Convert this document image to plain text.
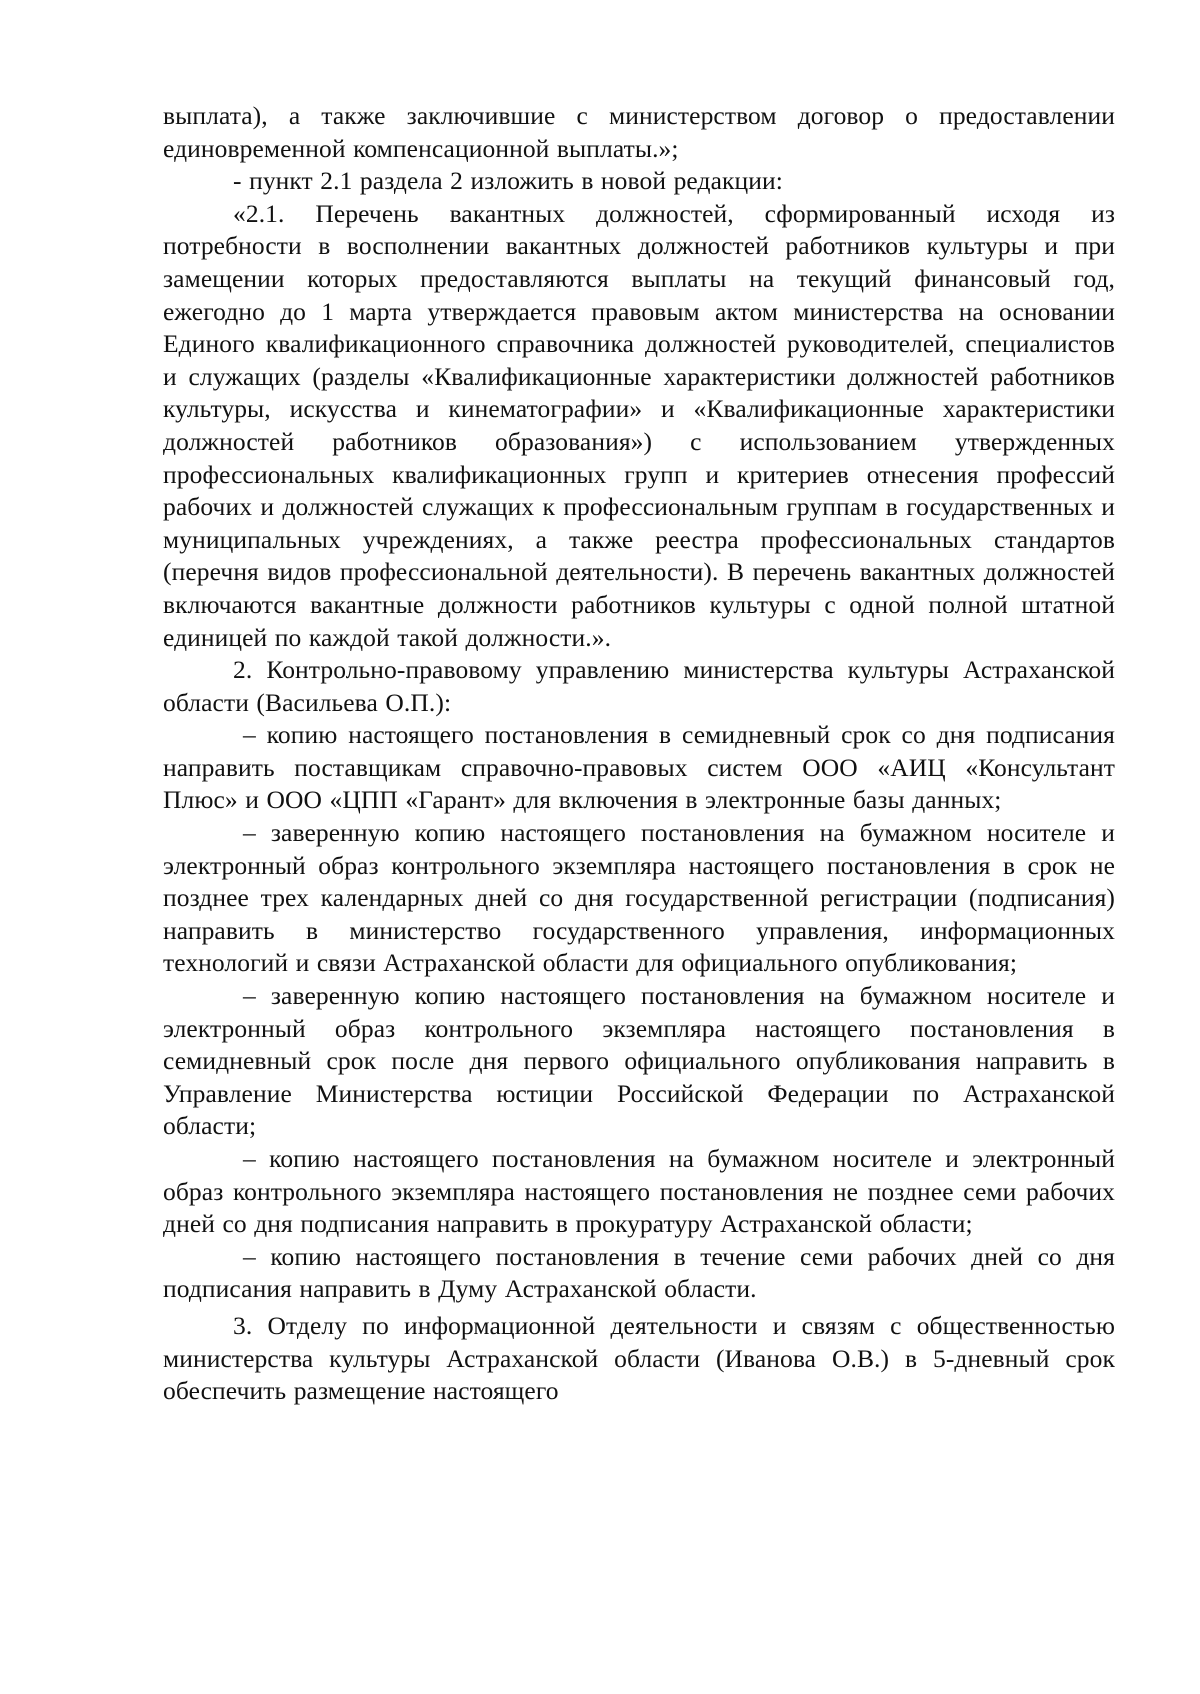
выплата), а также заключившие с министерством договор о предоставлении единовременной компенсационной выплаты.»;

- пункт 2.1 раздела 2 изложить в новой редакции:

«2.1. Перечень вакантных должностей, сформированный исходя из потребности в восполнении вакантных должностей работников культуры и при замещении которых предоставляются выплаты на текущий финансовый год, ежегодно до 1 марта утверждается правовым актом министерства на основании Единого квалификационного справочника должностей руководителей, специалистов и служащих (разделы «Квалификационные характеристики должностей работников культуры, искусства и кинематографии» и «Квалификационные характеристики должностей работников образования») с использованием утвержденных профессиональных квалификационных групп и критериев отнесения профессий рабочих и должностей служащих к профессиональным группам в государственных и муниципальных учреждениях, а также реестра профессиональных стандартов (перечня видов профессиональной деятельности). В перечень вакантных должностей включаются вакантные должности работников культуры с одной полной штатной единицей по каждой такой должности.».

2. Контрольно-правовому управлению министерства культуры Астраханской области (Васильева О.П.):

– копию настоящего постановления в семидневный срок со дня подписания направить поставщикам справочно-правовых систем ООО «АИЦ «Консультант Плюс» и ООО «ЦПП «Гарант» для включения в электронные базы данных;

– заверенную копию настоящего постановления на бумажном носителе и электронный образ контрольного экземпляра настоящего постановления в срок не позднее трех календарных дней со дня государственной регистрации (подписания) направить в министерство государственного управления, информационных технологий и связи Астраханской области для официального опубликования;

– заверенную копию настоящего постановления на бумажном носителе и электронный образ контрольного экземпляра настоящего постановления в семидневный срок после дня первого официального опубликования направить в Управление Министерства юстиции Российской Федерации по Астраханской области;

– копию настоящего постановления на бумажном носителе и электронный образ контрольного экземпляра настоящего постановления не позднее семи рабочих дней со дня подписания направить в прокуратуру Астраханской области;

– копию настоящего постановления в течение семи рабочих дней со дня подписания направить в Думу Астраханской области.

3. Отделу по информационной деятельности и связям с общественностью министерства культуры Астраханской области (Иванова О.В.) в 5-дневный срок обеспечить размещение настоящего
